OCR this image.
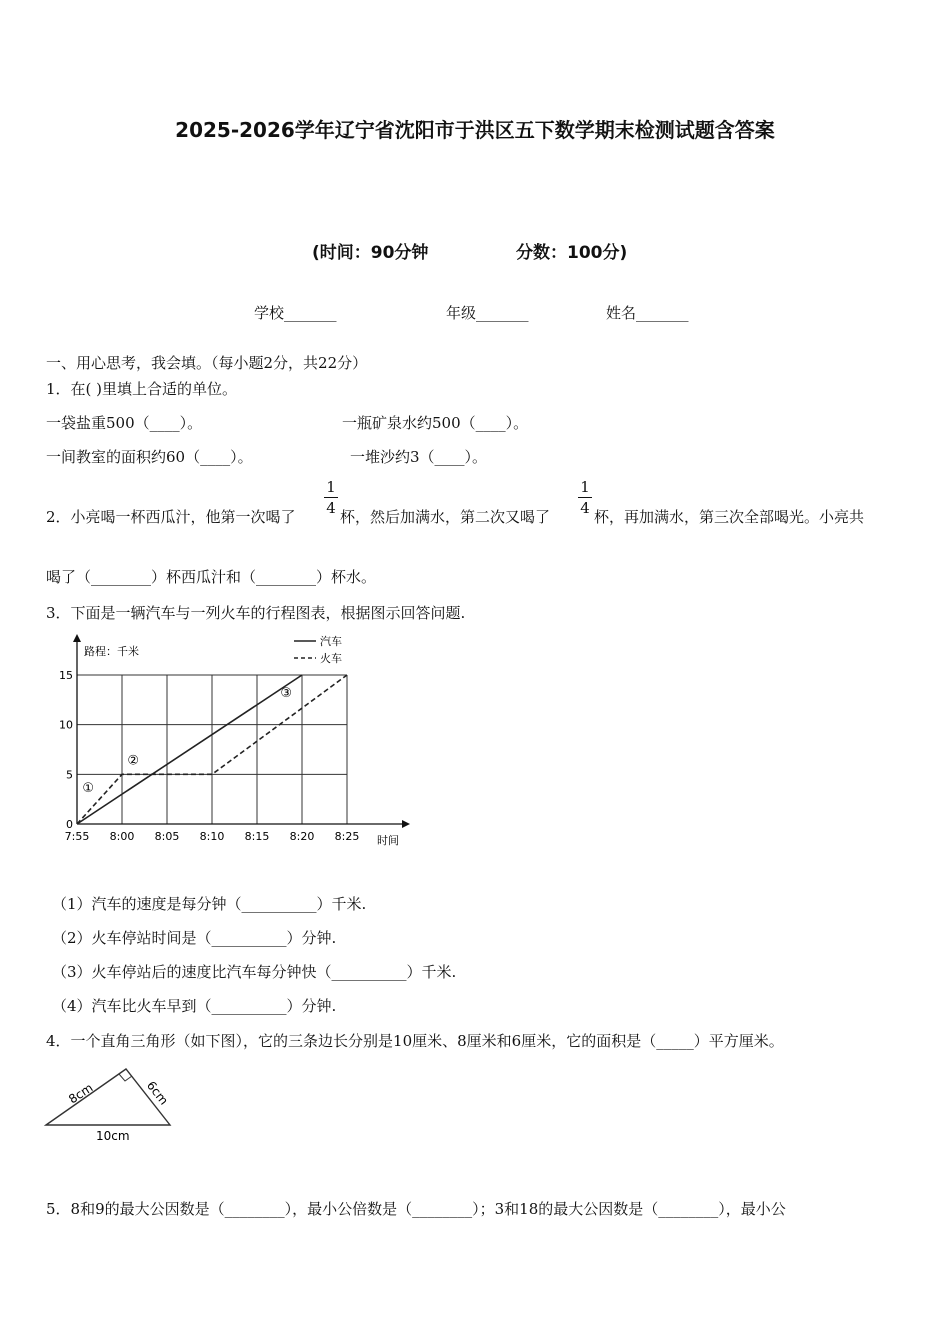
2025-2026学年辽宁省沈阳市于洪区五下数学期末检测试题含答案
(时间：90分钟	分数：100分)
学校_______	年级_______	姓名_______
一、用心思考，我会填。（每小题2分，共22分）
1．在( )里填上合适的单位。
一袋盐重500（____）。	一瓶矿泉水约500（____）。
一间教室的面积约60（____）。	一堆沙约3（____）。
2．小亮喝一杯西瓜汁，他第一次喝了
1
4 杯，然后加满水，第二次又喝了
1
4 杯，再加满水，第三次全部喝光。小亮共
喝了（________）杯西瓜汁和（________）杯水。
3．下面是一辆汽车与一列火车的行程图表，根据图示回答问题.
7:55 8:00 8:05 8:10 8:15 8:20 8:25
0
5
10
15
①
②
③
汽车
火车
路程：千米
时间
（1）汽车的速度是每分钟（__________）千米.
（2）火车停站时间是（__________）分钟.
（3）火车停站后的速度比汽车每分钟快（__________）千米.
（4）汽车比火车早到（__________）分钟.
4．一个直角三角形（如下图），它的三条边长分别是10厘米、8厘米和6厘米，它的面积是（_____）平方厘米。
8cm	6cm
10cm
5．8和9的最大公因数是（________），最小公倍数是（________）；3和18的最大公因数是（________），最小公
